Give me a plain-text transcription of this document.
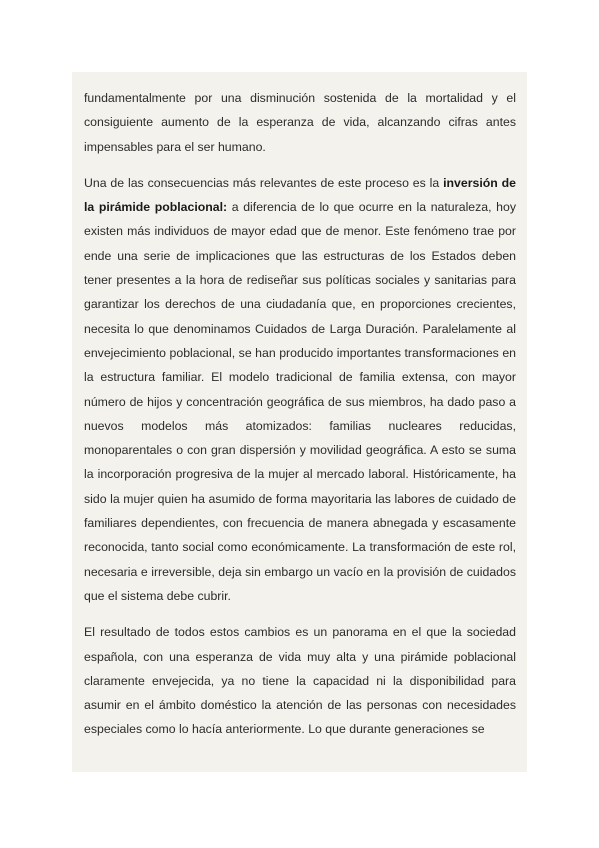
fundamentalmente por una disminución sostenida de la mortalidad y el consiguiente aumento de la esperanza de vida, alcanzando cifras antes impensables para el ser humano.

Una de las consecuencias más relevantes de este proceso es la inversión de la pirámide poblacional: a diferencia de lo que ocurre en la naturaleza, hoy existen más individuos de mayor edad que de menor. Este fenómeno trae por ende una serie de implicaciones que las estructuras de los Estados deben tener presentes a la hora de rediseñar sus políticas sociales y sanitarias para garantizar los derechos de una ciudadanía que, en proporciones crecientes, necesita lo que denominamos Cuidados de Larga Duración. Paralelamente al envejecimiento poblacional, se han producido importantes transformaciones en la estructura familiar. El modelo tradicional de familia extensa, con mayor número de hijos y concentración geográfica de sus miembros, ha dado paso a nuevos modelos más atomizados: familias nucleares reducidas, monoparentales o con gran dispersión y movilidad geográfica. A esto se suma la incorporación progresiva de la mujer al mercado laboral. Históricamente, ha sido la mujer quien ha asumido de forma mayoritaria las labores de cuidado de familiares dependientes, con frecuencia de manera abnegada y escasamente reconocida, tanto social como económicamente. La transformación de este rol, necesaria e irreversible, deja sin embargo un vacío en la provisión de cuidados que el sistema debe cubrir.

El resultado de todos estos cambios es un panorama en el que la sociedad española, con una esperanza de vida muy alta y una pirámide poblacional claramente envejecida, ya no tiene la capacidad ni la disponibilidad para asumir en el ámbito doméstico la atención de las personas con necesidades especiales como lo hacía anteriormente. Lo que durante generaciones se
